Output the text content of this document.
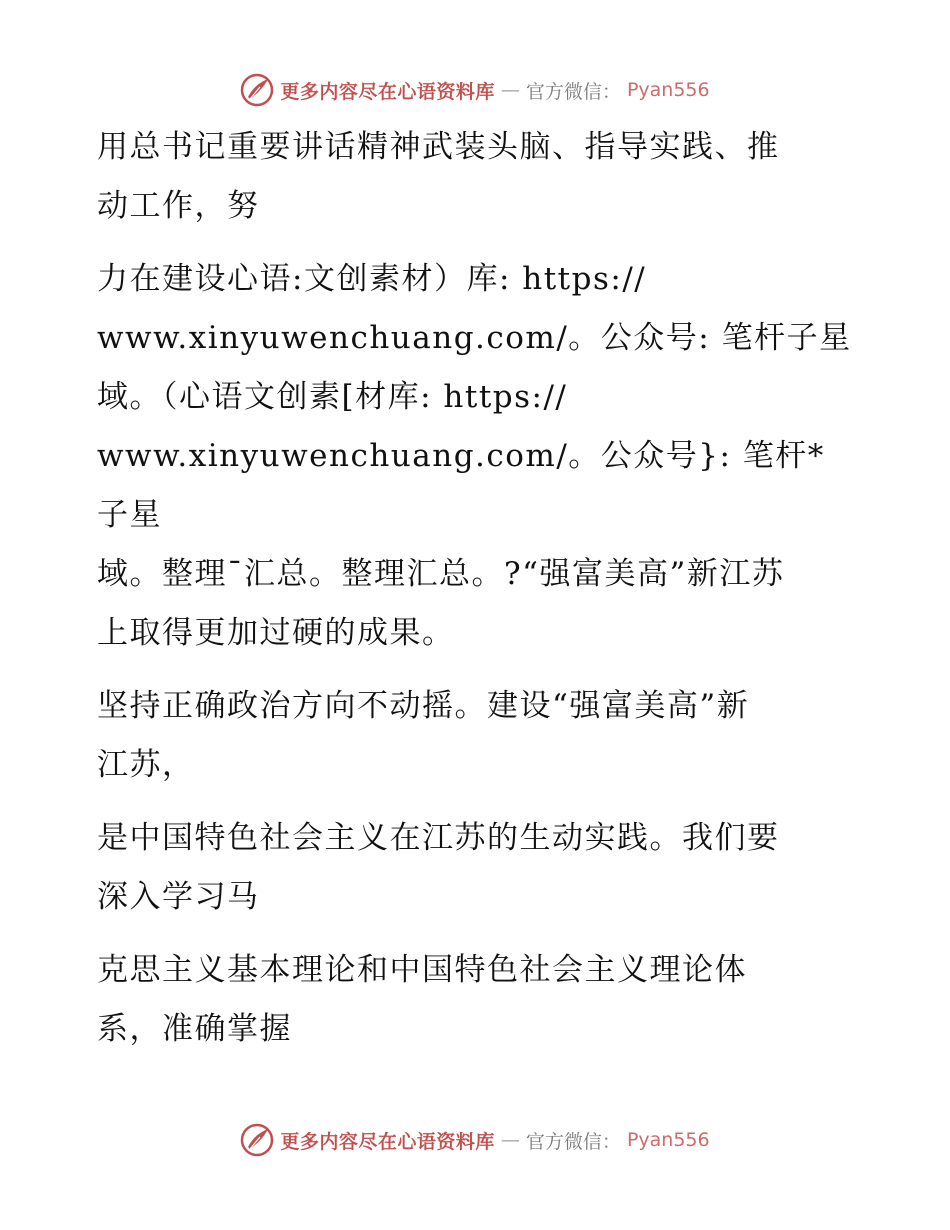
更多内容尽在心语资料库 — 官方微信： Pyan556

用总书记重要讲话精神武装头脑、指导实践、推
动工作，努

力在建设心语:文创素材）库: https://
www.xinyuwenchuang.com/。公众号: 笔杆子星
域。（心语文创素[材库: https://
www.xinyuwenchuang.com/。公众号}: 笔杆*子星
域。整理¯汇总。整理汇总。?“强富美高”新江苏
上取得更加过硬的成果。

坚持正确政治方向不动摇。建设“强富美高”新
江苏，

是中国特色社会主义在江苏的生动实践。我们要
深入学习马

克思主义基本理论和中国特色社会主义理论体
系，准确掌握

更多内容尽在心语资料库 — 官方微信： Pyan556
